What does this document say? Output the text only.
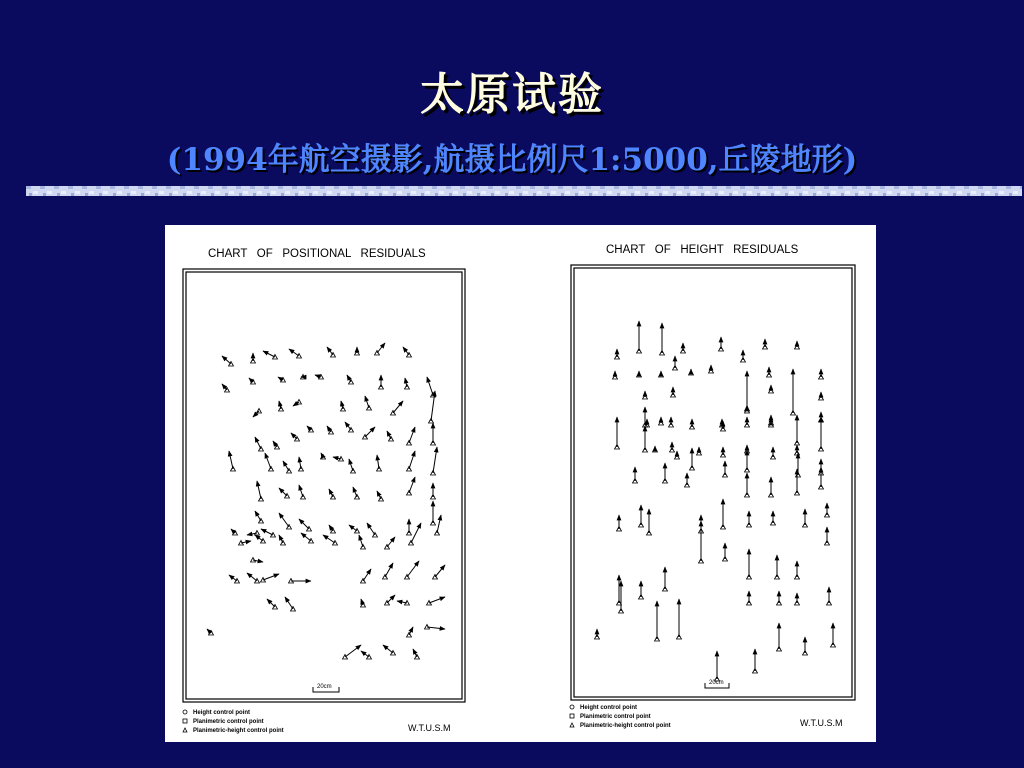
太原试验
(1994年航空摄影,航摄比例尺1:5000,丘陵地形)
CHART   OF   POSITIONAL   RESIDUALS
20cm
Height control point
Planimetric control point
Planimetric-height control point	W.T.U.S.M
CHART   OF   HEIGHT   RESIDUALS
20cm
Height control point
Planimetric control point
Planimetric-height control point	W.T.U.S.M
